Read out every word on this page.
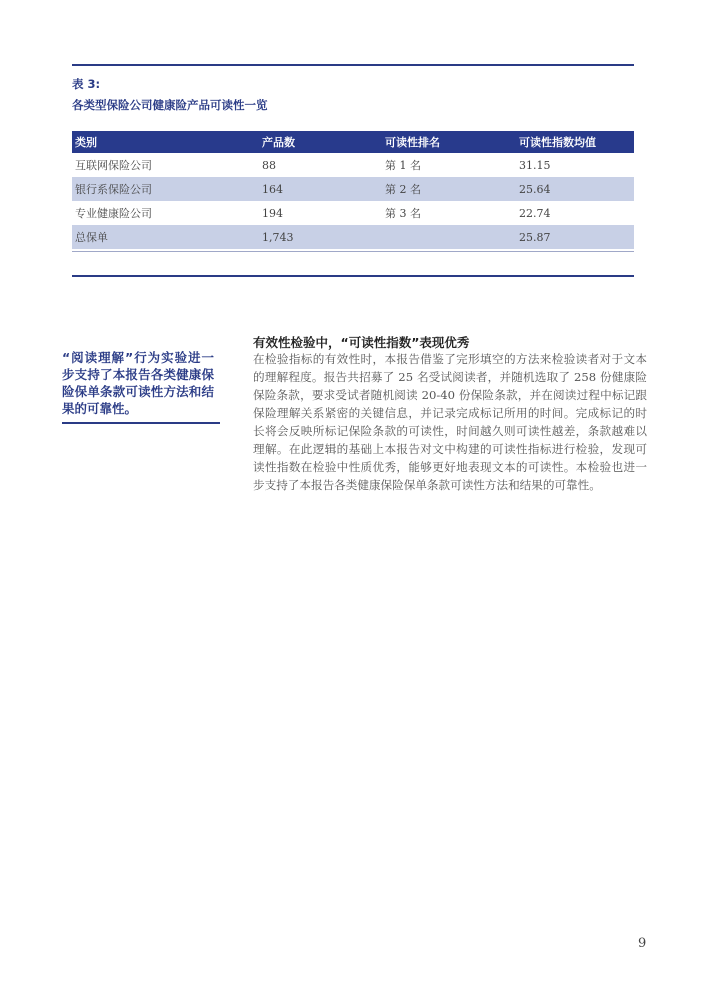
表 3:
各类型保险公司健康险产品可读性一览
类别	产品数	可读性排名	可读性指数均值
互联网保险公司	88	第 1 名	31.15
银行系保险公司	164	第 2 名	25.64
专业健康险公司	194	第 3 名	22.74
总保单	1,743		25.87
“阅读理解”行为实验进一步支持了本报告各类健康保险保单条款可读性方法和结果的可靠性。
有效性检验中，“可读性指数”表现优秀
在检验指标的有效性时，本报告借鉴了完形填空的方法来检验读者对于文本的理解程度。报告共招募了 25 名受试阅读者，并随机选取了 258 份健康险保险条款，要求受试者随机阅读 20-40 份保险条款，并在阅读过程中标记跟保险理解关系紧密的关键信息，并记录完成标记所用的时间。完成标记的时长将会反映所标记保险条款的可读性，时间越久则可读性越差，条款越难以理解。在此逻辑的基础上本报告对文中构建的可读性指标进行检验，发现可读性指数在检验中性质优秀，能够更好地表现文本的可读性。本检验也进一步支持了本报告各类健康保险保单条款可读性方法和结果的可靠性。
9
